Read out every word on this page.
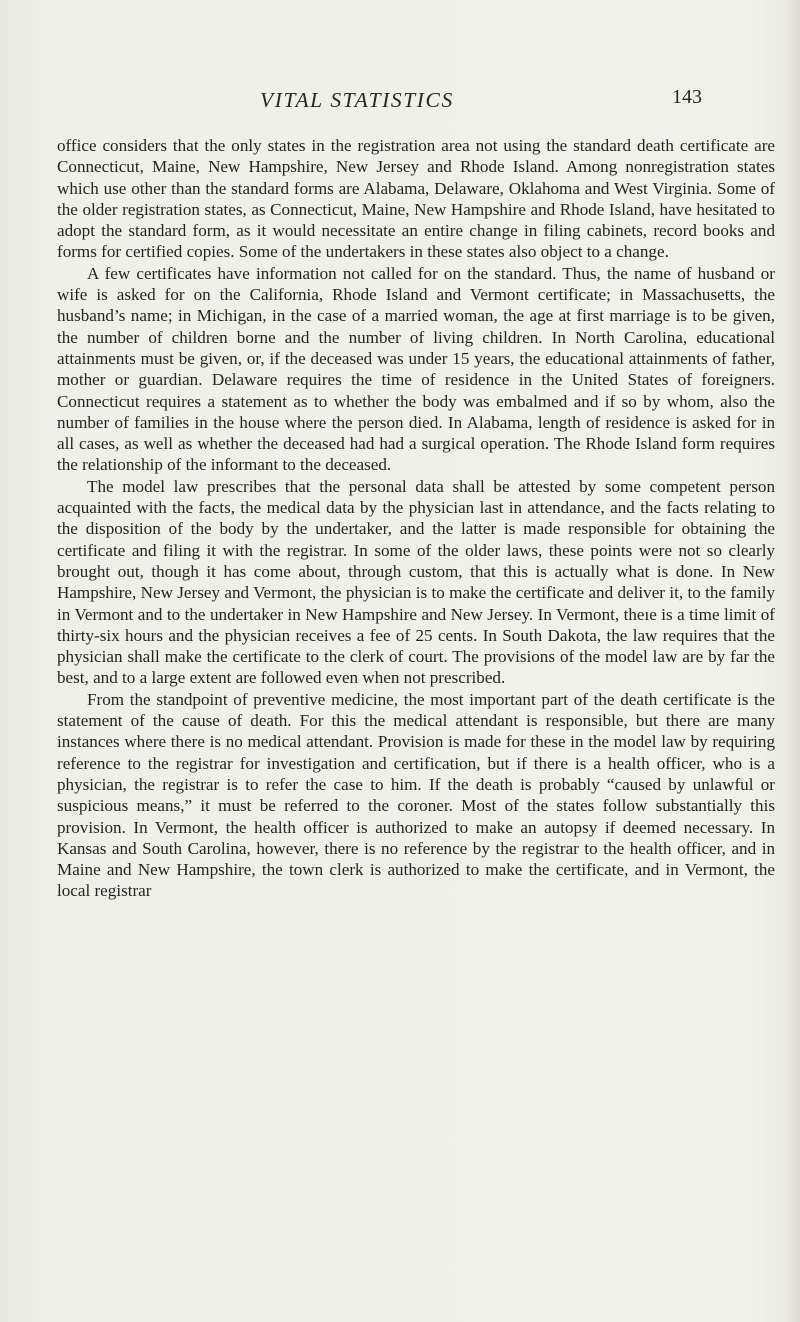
VITAL STATISTICS	143

office considers that the only states in the registration area not using the standard death certificate are Connecticut, Maine, New Hampshire, New Jersey and Rhode Island. Among nonregistration states which use other than the standard forms are Alabama, Delaware, Oklahoma and West Virginia. Some of the older registration states, as Connecticut, Maine, New Hampshire and Rhode Island, have hesitated to adopt the standard form, as it would necessitate an entire change in filing cabinets, record books and forms for certified copies. Some of the undertakers in these states also object to a change.

A few certificates have information not called for on the standard. Thus, the name of husband or wife is asked for on the California, Rhode Island and Vermont certificate; in Massachusetts, the husband’s name; in Michigan, in the case of a married woman, the age at first marriage is to be given, the number of children borne and the number of living children. In North Carolina, educational attainments must be given, or, if the deceased was under 15 years, the educational attainments of father, mother or guardian. Delaware requires the time of residence in the United States of foreigners. Connecticut requires a statement as to whether the body was embalmed and if so by whom, also the number of families in the house where the person died. In Alabama, length of residence is asked for in all cases, as well as whether the deceased had had a surgical operation. The Rhode Island form requires the relationship of the informant to the deceased.

The model law prescribes that the personal data shall be attested by some competent person acquainted with the facts, the medical data by the physician last in attendance, and the facts relating to the disposition of the body by the undertaker, and the latter is made responsible for obtaining the certificate and filing it with the registrar. In some of the older laws, these points were not so clearly brought out, though it has come about, through custom, that this is actually what is done. In New Hampshire, New Jersey and Vermont, the physician is to make the certificate and deliver it, to the family in Vermont and to the undertaker in New Hampshire and New Jersey. In Vermont, theıe is a time limit of thirty-six hours and the physician receives a fee of 25 cents. In South Dakota, the law requires that the physician shall make the certificate to the clerk of court. The provisions of the model law are by far the best, and to a large extent are followed even when not prescribed.

From the standpoint of preventive medicine, the most important part of the death certificate is the statement of the cause of death. For this the medical attendant is responsible, but there are many instances where there is no medical attendant. Provision is made for these in the model law by requiring reference to the registrar for investigation and certification, but if there is a health officer, who is a physician, the registrar is to refer the case to him. If the death is probably “caused by unlawful or suspicious means,” it must be referred to the coroner. Most of the states follow substantially this provision. In Vermont, the health officer is authorized to make an autopsy if deemed necessary. In Kansas and South Carolina, however, there is no reference by the registrar to the health officer, and in Maine and New Hampshire, the town clerk is authorized to make the certificate, and in Vermont, the local registrar
